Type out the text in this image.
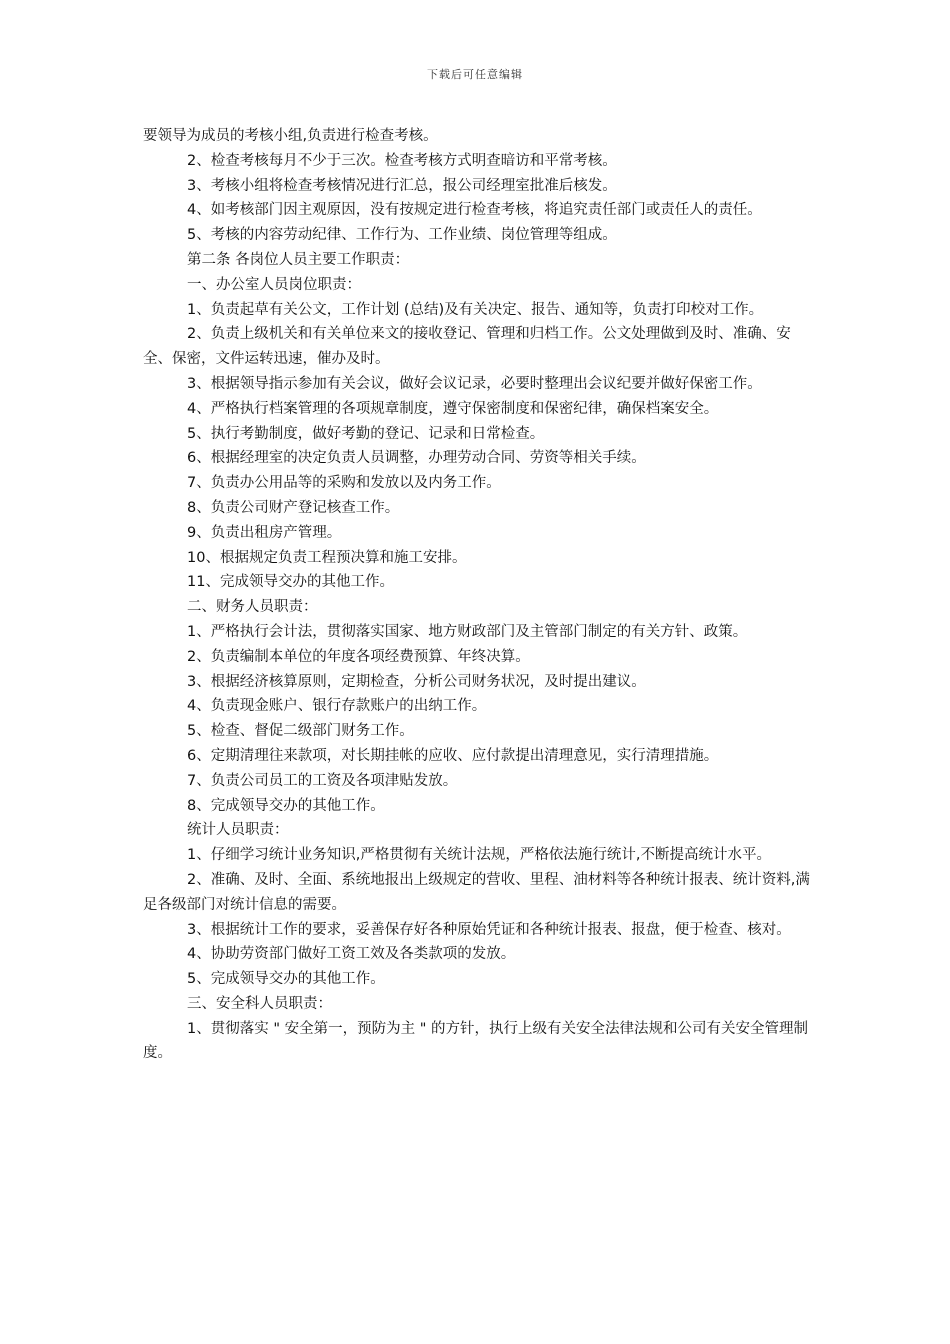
下载后可任意编辑

要领导为成员的考核小组,负责进行检查考核。

2、检查考核每月不少于三次。检查考核方式明查暗访和平常考核。

3、考核小组将检查考核情况进行汇总，报公司经理室批准后核发。

4、如考核部门因主观原因，没有按规定进行检查考核，将追究责任部门或责任人的责任。

5、考核的内容劳动纪律、工作行为、工作业绩、岗位管理等组成。

第二条 各岗位人员主要工作职责：

一、办公室人员岗位职责：

1、负责起草有关公文，工作计划 (总结)及有关决定、报告、通知等，负责打印校对工作。

2、负责上级机关和有关单位来文的接收登记、管理和归档工作。公文处理做到及时、准确、安全、保密，文件运转迅速，催办及时。

3、根据领导指示参加有关会议，做好会议记录，必要时整理出会议纪要并做好保密工作。

4、严格执行档案管理的各项规章制度，遵守保密制度和保密纪律，确保档案安全。

5、执行考勤制度，做好考勤的登记、记录和日常检查。

6、根据经理室的决定负责人员调整，办理劳动合同、劳资等相关手续。

7、负责办公用品等的采购和发放以及内务工作。

8、负责公司财产登记核查工作。

9、负责出租房产管理。

10、根据规定负责工程预决算和施工安排。

11、完成领导交办的其他工作。

二、财务人员职责：

1、严格执行会计法，贯彻落实国家、地方财政部门及主管部门制定的有关方针、政策。

2、负责编制本单位的年度各项经费预算、年终决算。

3、根据经济核算原则，定期检查，分析公司财务状况，及时提出建议。

4、负责现金账户、银行存款账户的出纳工作。

5、检查、督促二级部门财务工作。

6、定期清理往来款项，对长期挂帐的应收、应付款提出清理意见，实行清理措施。

7、负责公司员工的工资及各项津贴发放。

8、完成领导交办的其他工作。

统计人员职责：

1、仔细学习统计业务知识,严格贯彻有关统计法规，严格依法施行统计,不断提高统计水平。

2、准确、及时、全面、系统地报出上级规定的营收、里程、油材料等各种统计报表、统计资料,满足各级部门对统计信息的需要。

3、根据统计工作的要求，妥善保存好各种原始凭证和各种统计报表、报盘，便于检查、核对。

4、协助劳资部门做好工资工效及各类款项的发放。

5、完成领导交办的其他工作。

三、安全科人员职责：

1、贯彻落实 " 安全第一，预防为主 " 的方针，执行上级有关安全法律法规和公司有关安全管理制度。
